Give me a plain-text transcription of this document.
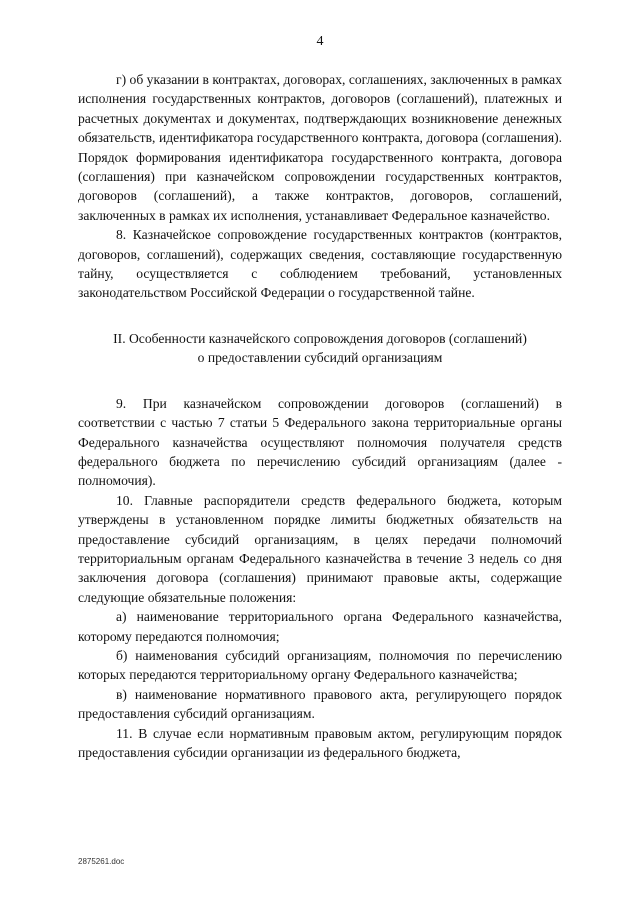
4

г) об указании в контрактах, договорах, соглашениях, заключенных в рамках исполнения государственных контрактов, договоров (соглашений), платежных и расчетных документах и документах, подтверждающих возникновение денежных обязательств, идентификатора государственного контракта, договора (соглашения). Порядок формирования идентификатора государственного контракта, договора (соглашения) при казначейском сопровождении государственных контрактов, договоров (соглашений), а также контрактов, договоров, соглашений, заключенных в рамках их исполнения, устанавливает Федеральное казначейство.

8. Казначейское сопровождение государственных контрактов (контрактов, договоров, соглашений), содержащих сведения, составляющие государственную тайну, осуществляется с соблюдением требований, установленных законодательством Российской Федерации о государственной тайне.

II. Особенности казначейского сопровождения договоров (соглашений)
о предоставлении субсидий организациям

9. При казначейском сопровождении договоров (соглашений) в соответствии с частью 7 статьи 5 Федерального закона территориальные органы Федерального казначейства осуществляют полномочия получателя средств федерального бюджета по перечислению субсидий организациям (далее - полномочия).

10. Главные распорядители средств федерального бюджета, которым утверждены в установленном порядке лимиты бюджетных обязательств на предоставление субсидий организациям, в целях передачи полномочий территориальным органам Федерального казначейства в течение 3 недель со дня заключения договора (соглашения) принимают правовые акты, содержащие следующие обязательные положения:

а) наименование территориального органа Федерального казначейства, которому передаются полномочия;

б) наименования субсидий организациям, полномочия по перечислению которых передаются территориальному органу Федерального казначейства;

в) наименование нормативного правового акта, регулирующего порядок предоставления субсидий организациям.

11. В случае если нормативным правовым актом, регулирующим порядок предоставления субсидии организации из федерального бюджета,

2875261.doc
